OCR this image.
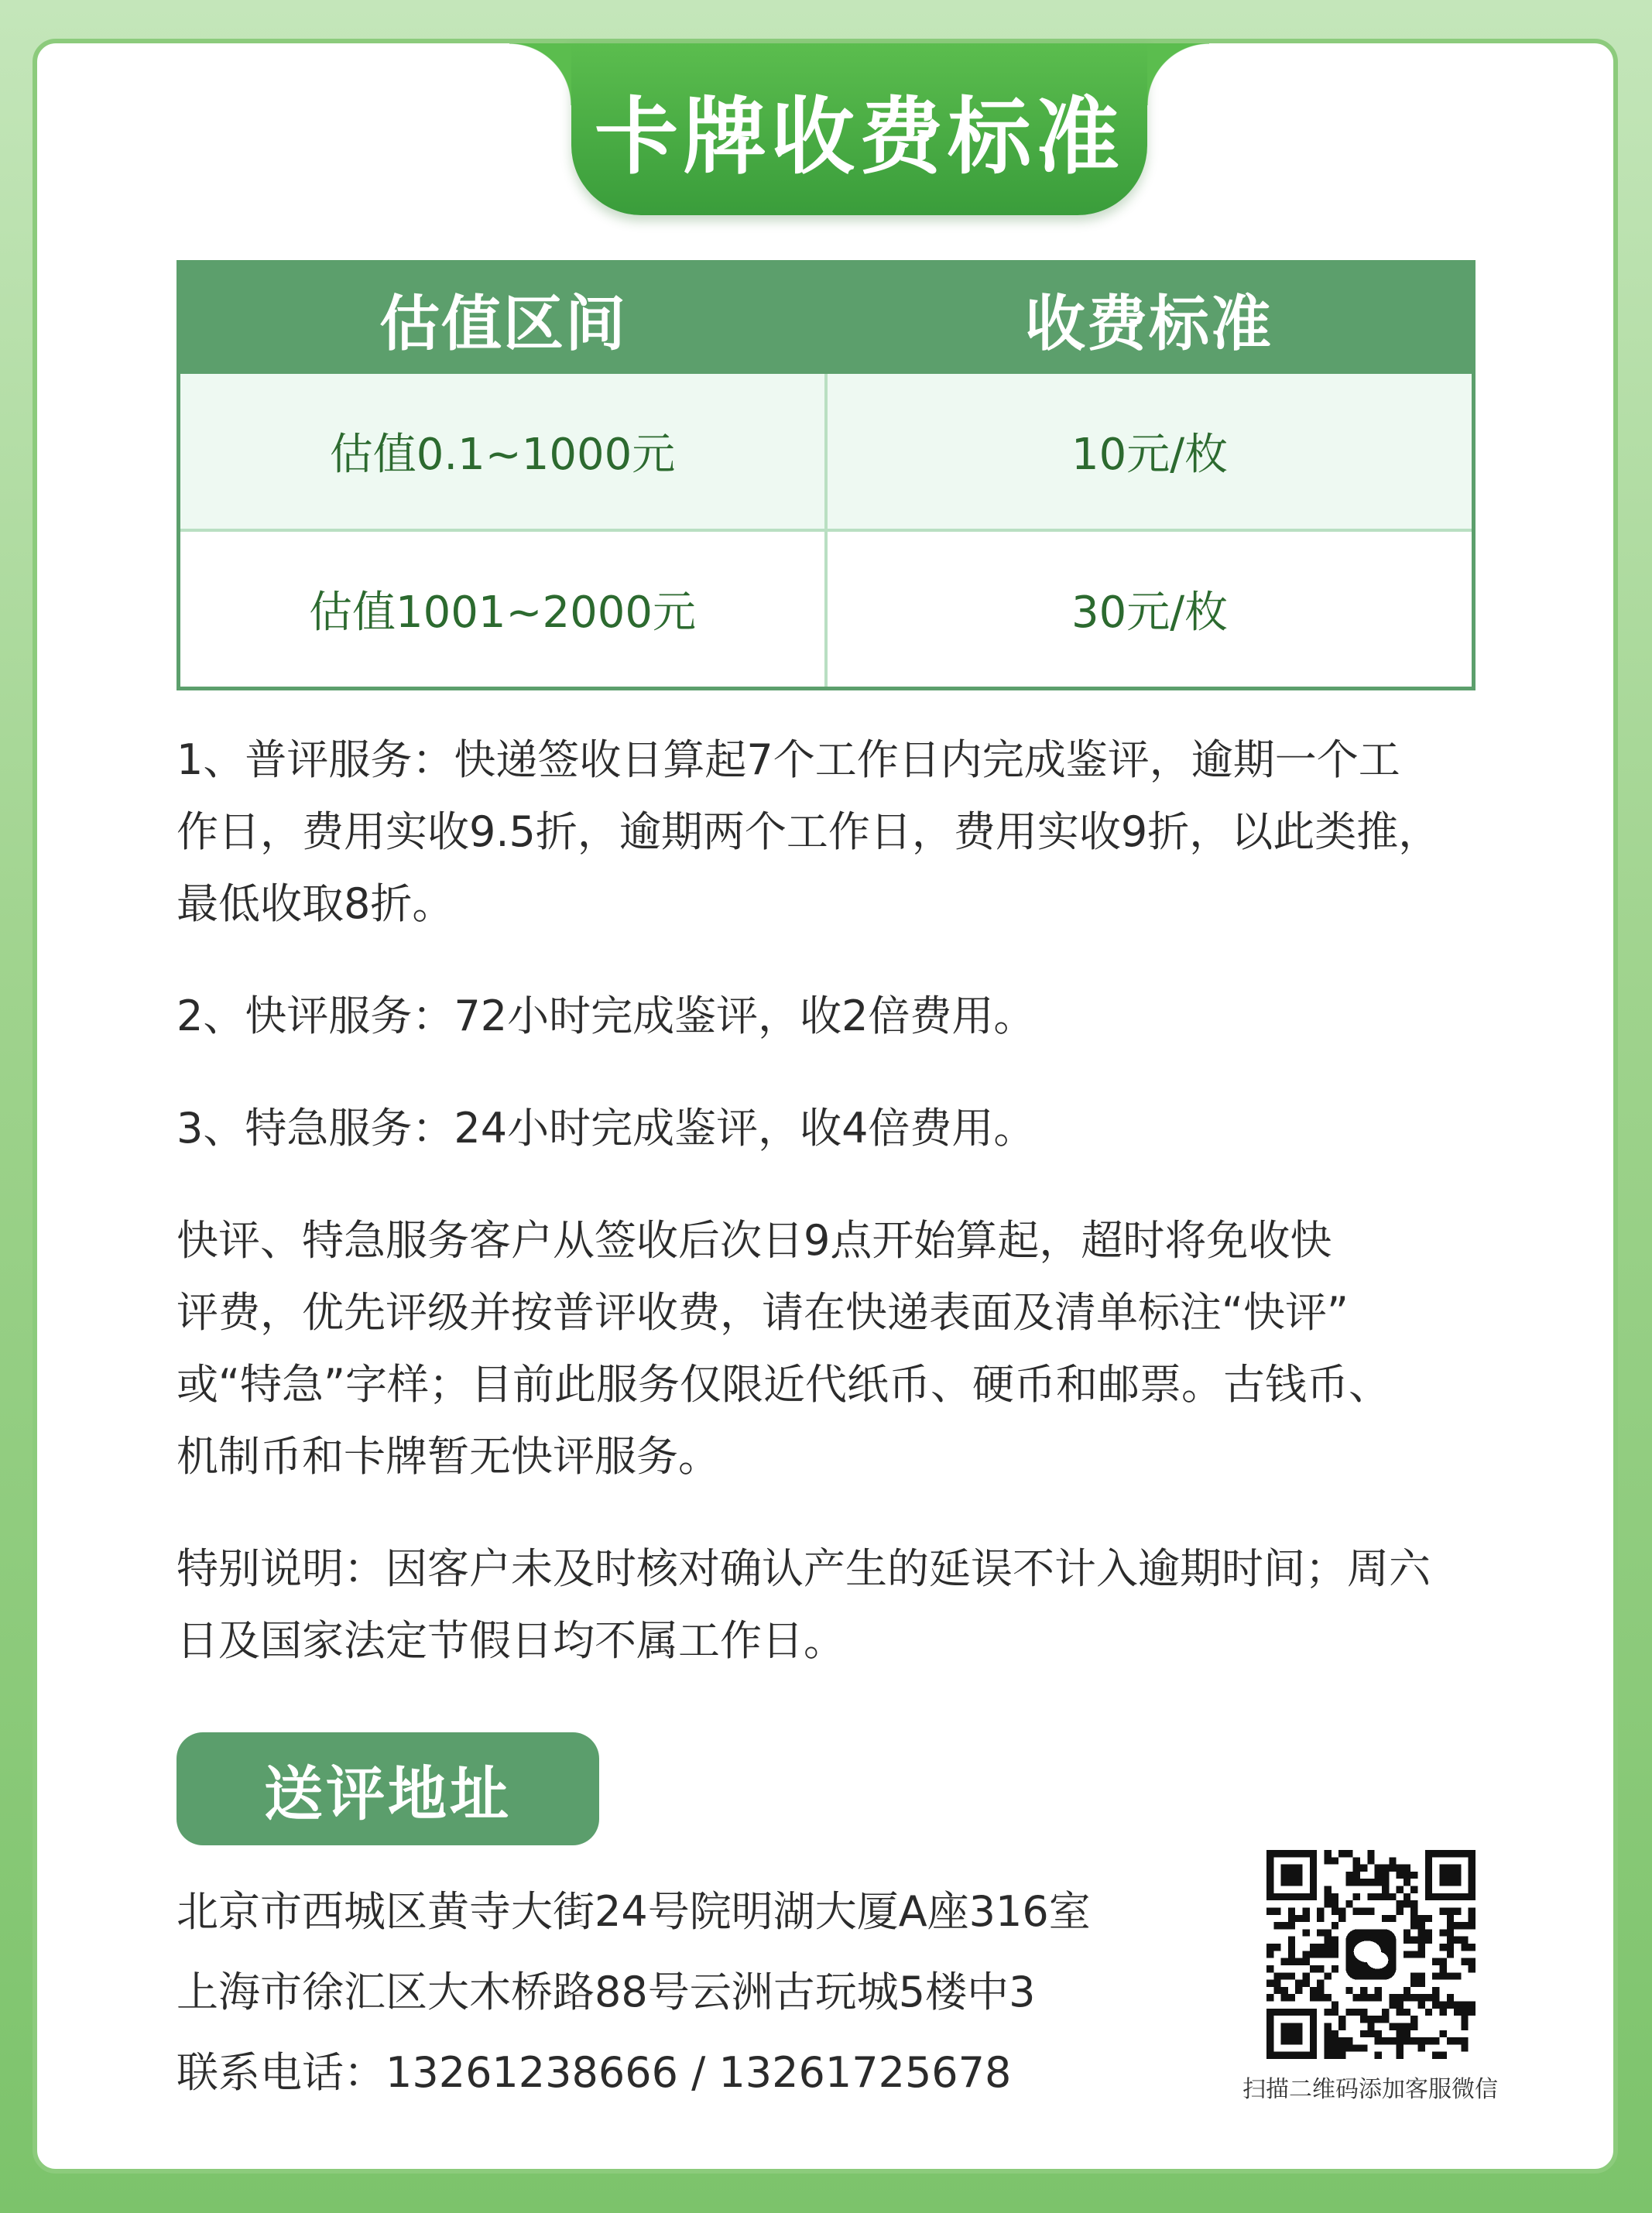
卡牌收费标准
估值区间	收费标准
估值0.1~1000元	10元/枚
估值1001~2000元	30元/枚

1、普评服务：快递签收日算起7个工作日内完成鉴评，逾期一个工

作日，费用实收9.5折，逾期两个工作日，费用实收9折，以此类推，

最低收取8折。

2、快评服务：72小时完成鉴评，收2倍费用。

3、特急服务：24小时完成鉴评，收4倍费用。

快评、特急服务客户从签收后次日9点开始算起，超时将免收快

评费，优先评级并按普评收费，请在快递表面及清单标注“快评”

或“特急”字样；目前此服务仅限近代纸币、硬币和邮票。古钱币、

机制币和卡牌暂无快评服务。

特别说明：因客户未及时核对确认产生的延误不计入逾期时间；周六

日及国家法定节假日均不属工作日。

送评地址
北京市西城区黄寺大街24号院明湖大厦A座316室
上海市徐汇区大木桥路88号云洲古玩城5楼中3
联系电话：13261238666 / 13261725678	扫描二维码添加客服微信
